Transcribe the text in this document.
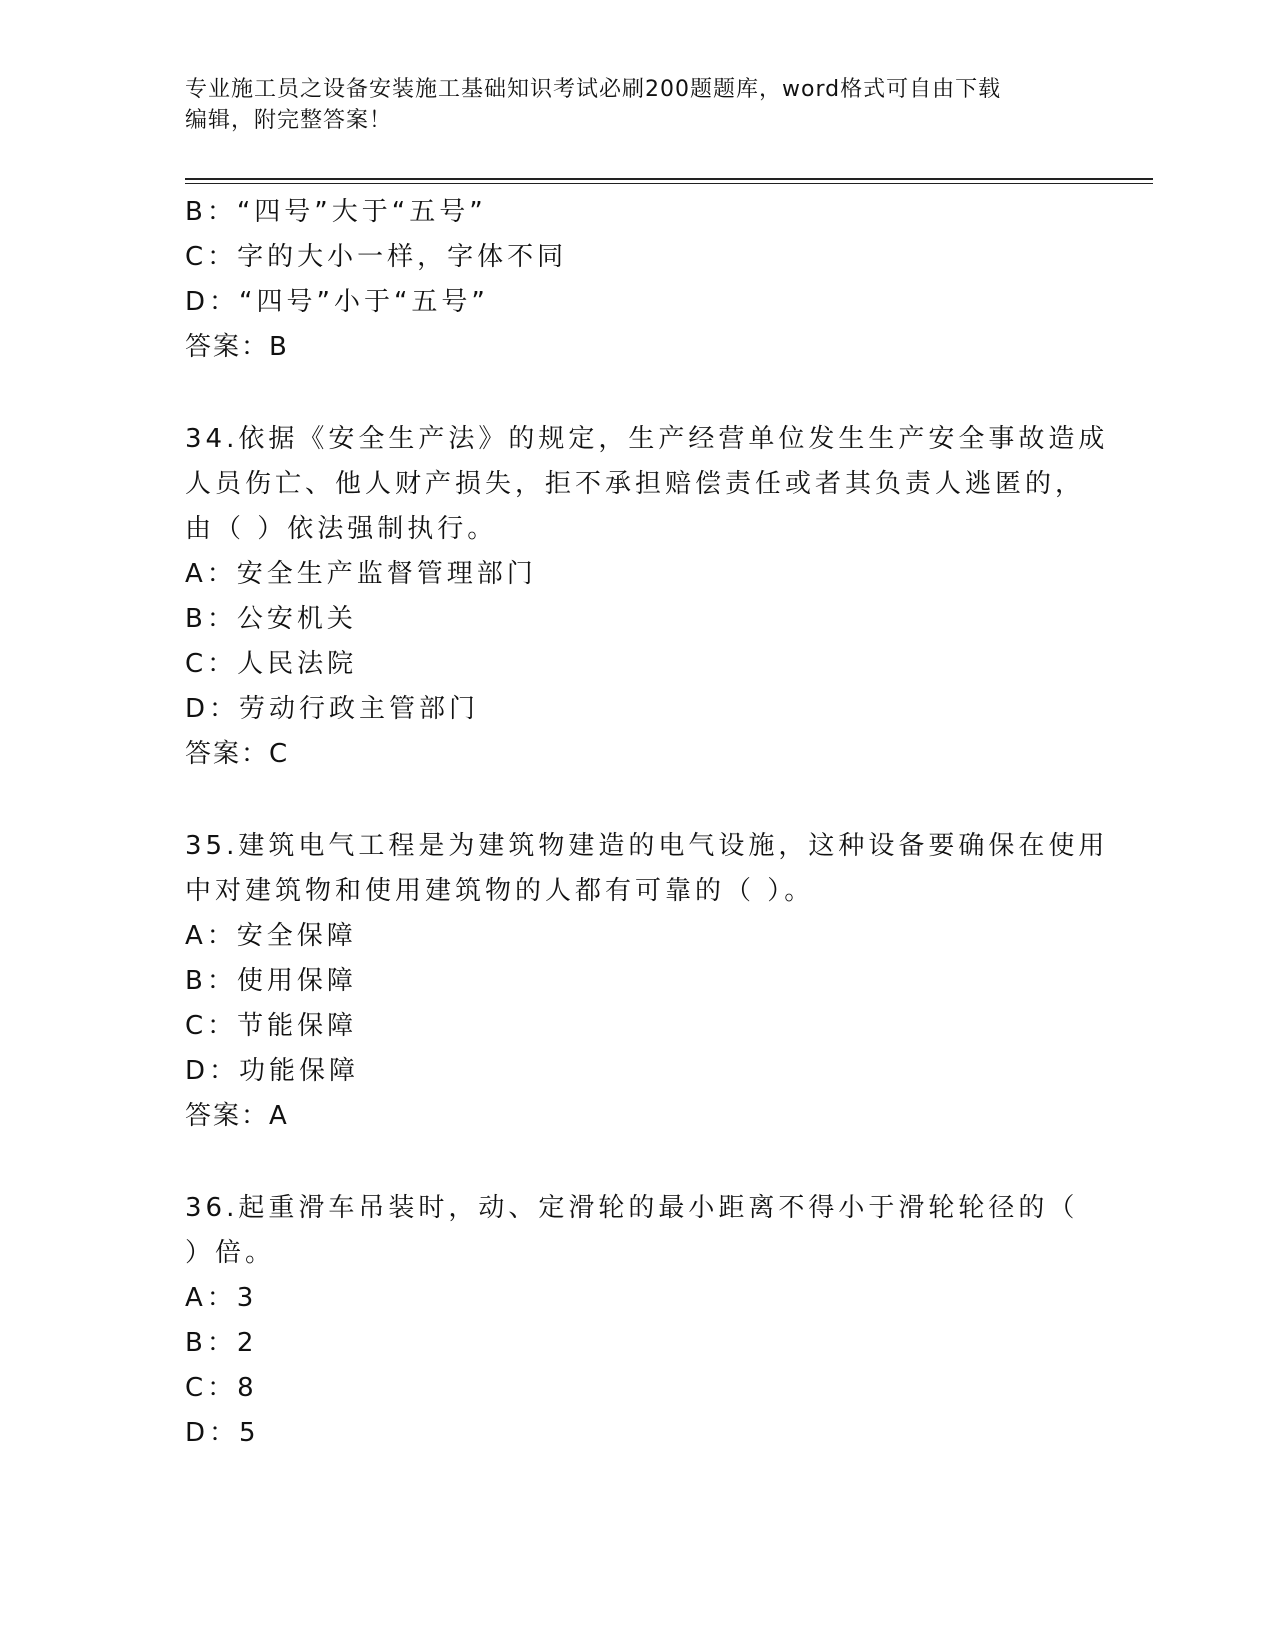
专业施工员之设备安装施工基础知识考试必刷200题题库，word格式可自由下载
编辑，附完整答案！
B：“四号”大于“五号”
C：字的大小一样，字体不同
D：“四号”小于“五号”
答案：B
34.依据《安全生产法》的规定，生产经营单位发生生产安全事故造成
人员伤亡、他人财产损失，拒不承担赔偿责任或者其负责人逃匿的，
由（ ）依法强制执行。
A：安全生产监督管理部门
B：公安机关
C：人民法院
D：劳动行政主管部门
答案：C
35.建筑电气工程是为建筑物建造的电气设施，这种设备要确保在使用
中对建筑物和使用建筑物的人都有可靠的（ ）。
A：安全保障
B：使用保障
C：节能保障
D：功能保障
答案：A
36.起重滑车吊装时，动、定滑轮的最小距离不得小于滑轮轮径的（
）倍。
A：3
B：2
C：8
D：5
